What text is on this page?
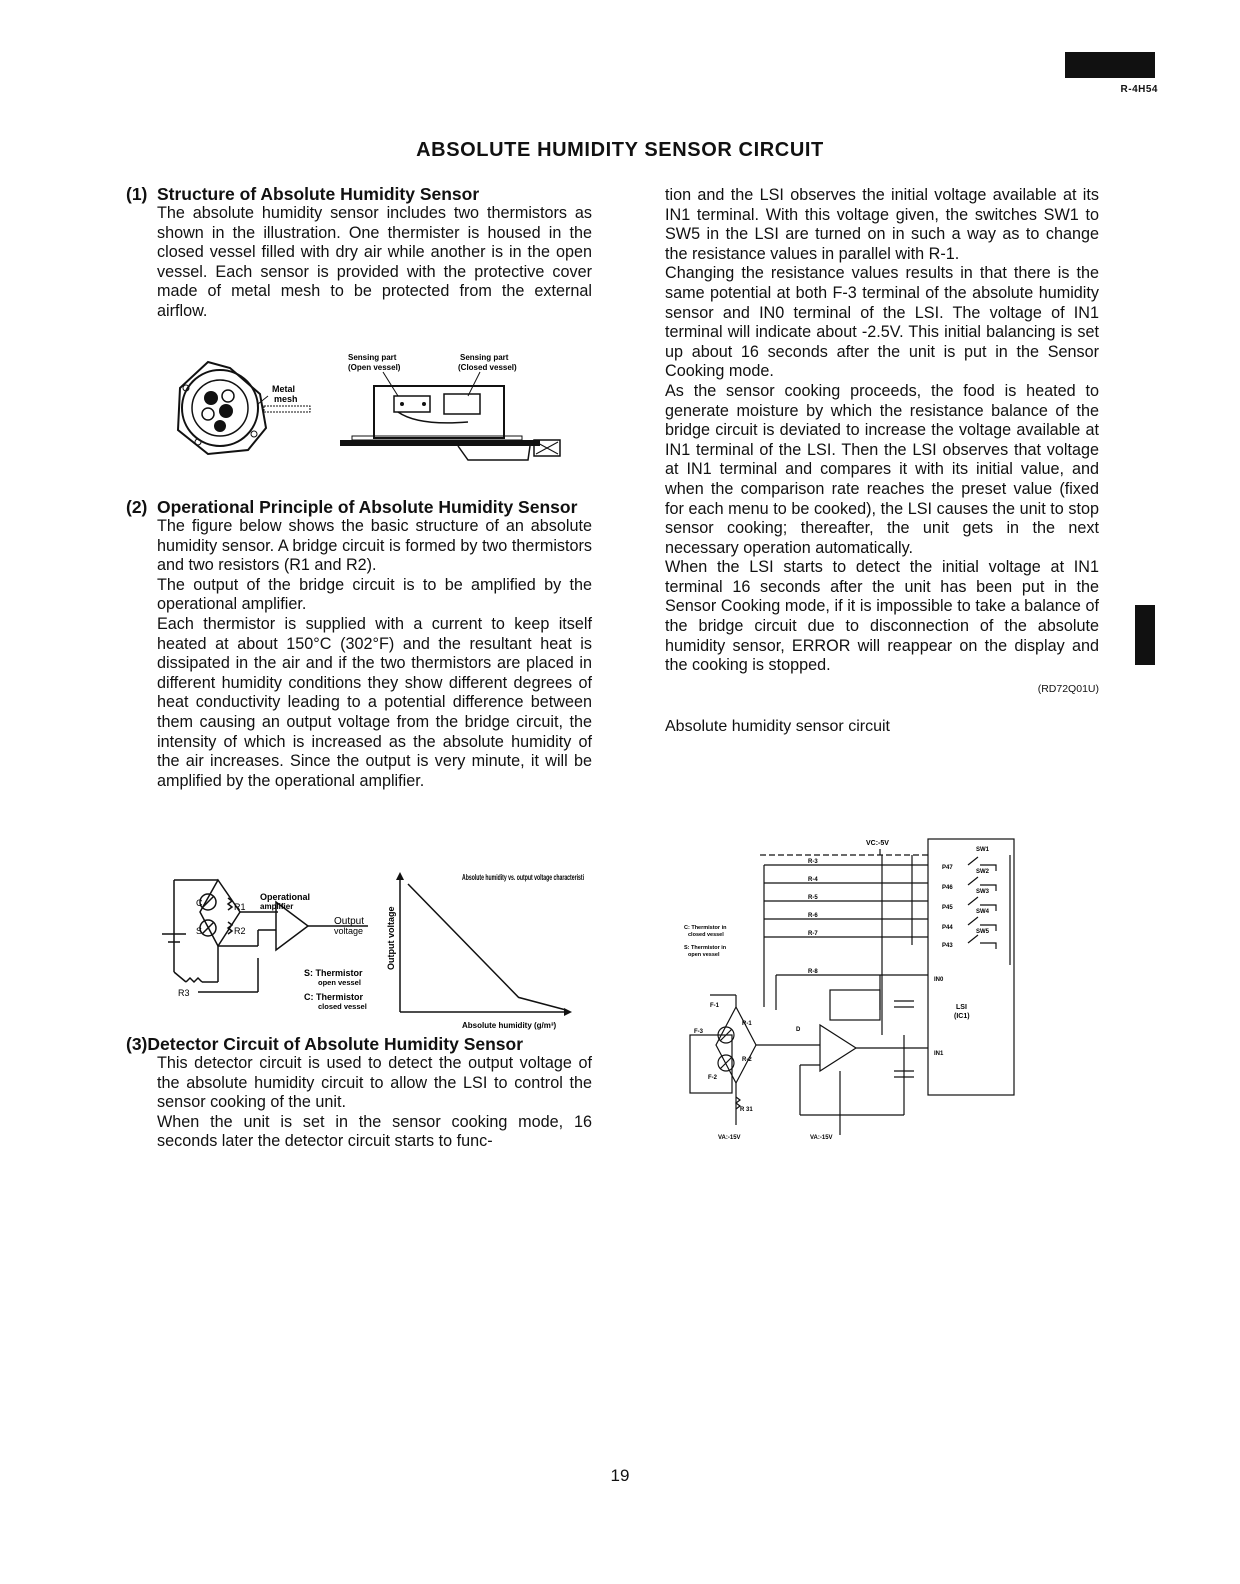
R-4H54
ABSOLUTE HUMIDITY SENSOR CIRCUIT
(1) Structure of Absolute Humidity Sensor

The absolute humidity sensor includes two thermistors as shown in the illustration. One thermister is housed in the closed vessel filled with dry air while another is in the open vessel. Each sensor is provided with the protective cover made of metal mesh to be protected from the external airflow.

Metal
mesh
Sensing part
(Open vessel)
Sensing part
(Closed vessel)
(2) Operational Principle of Absolute Humidity Sensor

The figure below shows the basic structure of an absolute humidity sensor. A bridge circuit is formed by two thermistors and two resistors (R1 and R2).

The output of the bridge circuit is to be amplified by the operational amplifier.

Each thermistor is supplied with a current to keep itself heated at about 150°C (302°F) and the resultant heat is dissipated in the air and if the two thermistors are placed in different humidity conditions they show different degrees of heat conductivity leading to a potential difference between them causing an output voltage from the bridge circuit, the intensity of which is increased as the absolute humidity of the air increases. Since the output is very minute, it will be amplified by the operational amplifier.

C
S
R1
R2
R3
Operational
amplifier
Output
voltage
S: Thermistor
open vessel
C: Thermistor
closed vessel
Absolute humidity vs. output voltage characteristi
Output voltage
Absolute humidity (g/m³)
(3)Detector Circuit of Absolute Humidity Sensor

This detector circuit is used to detect the output voltage of the absolute humidity circuit to allow the LSI to control the sensor cooking of the unit.

When the unit is set in the sensor cooking mode, 16 seconds later the detector circuit starts to func-

tion and the LSI observes the initial voltage available at its IN1 terminal. With this voltage given, the switches SW1 to SW5 in the LSI are turned on in such a way as to change the resistance values in parallel with R-1.

Changing the resistance values results in that there is the same potential at both F-3 terminal of the absolute humidity sensor and IN0 terminal of the LSI. The voltage of IN1 terminal will indicate about -2.5V. This initial balancing is set up about 16 seconds after the unit is put in the Sensor Cooking mode.

As the sensor cooking proceeds, the food is heated to generate moisture by which the resistance balance of the bridge circuit is deviated to increase the voltage available at IN1 terminal of the LSI. Then the LSI observes that voltage at IN1 terminal and compares it with its initial value, and when the comparison rate reaches the preset value (fixed for each menu to be cooked), the LSI causes the unit to stop sensor cooking; thereafter, the unit gets in the next necessary operation automatically.

When the LSI starts to detect the initial voltage at IN1 terminal 16 seconds after the unit has been put in the Sensor Cooking mode, if it is impossible to take a balance of the bridge circuit due to disconnection of the absolute humidity sensor, ERROR will reappear on the display and the cooking is stopped.

(RD72Q01U)

Absolute humidity sensor circuit

VC:-5V
R-3
R-4
R-5
R-6
R-7
R-8
SW1
SW2
SW3
SW4
SW5
P47
P46
P45
P44
P43
IN0
IN1
LSI
(IC1)
C: Thermistor in
closed vessel
S: Thermistor in
open vessel
F-1
F-3
F-2
R-1
R-2
R 31
D
VA:-15V	VA:-15V
19
